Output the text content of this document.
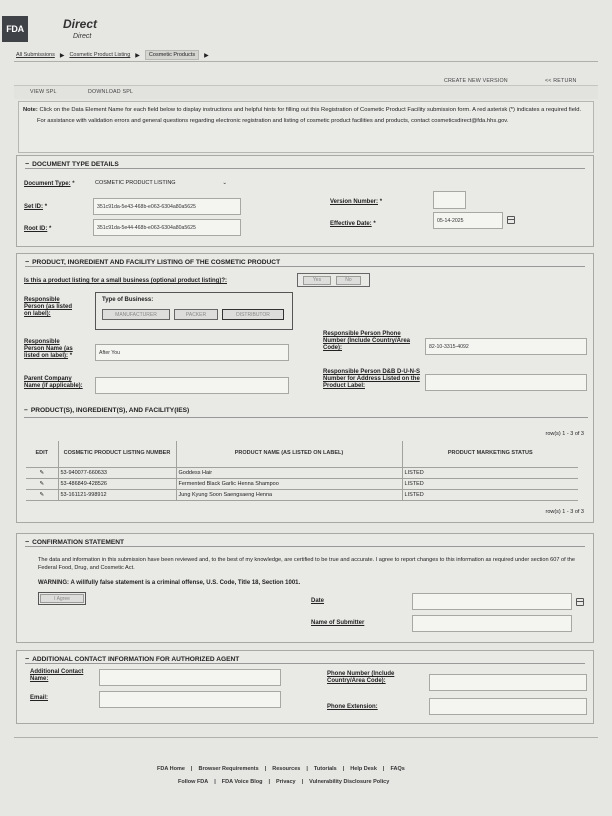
FDA	Direct
Direct
All Submissions ▶ Cosmetic Product Listing ▶	Cosmetic Products	▶
CREATE NEW VERSION	<< RETURN
VIEW SPL	DOWNLOAD SPL
Note: Click on the Data Element Name for each field below to display instructions and helpful hints for filling out this Registration of Cosmetic Product Facility submission form. A red asterisk (*) indicates a required field.
For assistance with validation errors and general questions regarding electronic registration and listing of cosmetic product facilities and products, contact cosmeticsdirect@fda.hhs.gov.
− DOCUMENT TYPE DETAILS
Document Type: *	COSMETIC PRODUCT LISTING	⌄
Set ID: *	351c91da-5e43-468b-e063-6304a80a5625
Root ID: *	351c91da-5e44-468b-e063-6304a80a5625
Version Number: *
Effective Date: *
05-14-2025
− PRODUCT, INGREDIENT AND FACILITY LISTING OF THE COSMETIC PRODUCT
Is this a product listing for a small business (optional product listing)?:	Yes	No
Responsible Person (as listed on label):
Type of Business:
MANUFACTURER	PACKER	DISTRIBUTOR
Responsible Person Name (as listed on label): *
After You
Responsible Person Phone Number (Include Country/Area Code):	82-10-3315-4092
Parent Company Name (if applicable):
Responsible Person D&B D-U-N-S Number for Address Listed on the Product Label:
− PRODUCT(S), INGREDIENT(S), AND FACILITY(IES)
row(s) 1 - 3 of 3
EDIT	COSMETIC PRODUCT LISTING NUMBER	PRODUCT NAME (AS LISTED ON LABEL)	PRODUCT MARKETING STATUS
✎	53-940077-660633	Goddess Hair	LISTED
✎	53-486849-428526	Fermented Black Garlic Henna Shampoo	LISTED
✎	53-161121-998912	Jung Kyung Soon Saengsaeng Henna	LISTED
row(s) 1 - 3 of 3
− CONFIRMATION STATEMENT
The data and information in this submission have been reviewed and, to the best of my knowledge, are certified to be true and accurate. I agree to report changes to this information as required under section 607 of the Federal Food, Drug, and Cosmetic Act.
WARNING: A willfully false statement is a criminal offense, U.S. Code, Title 18, Section 1001.
I Agree	Date
Name of Submitter
− ADDITIONAL CONTACT INFORMATION FOR AUTHORIZED AGENT
Additional Contact Name:
Email:
Phone Number (Include Country/Area Code):
Phone Extension:
FDA Home | Browser Requirements | Resources | Tutorials | Help Desk | FAQs
Follow FDA | FDA Voice Blog | Privacy | Vulnerability Disclosure Policy
